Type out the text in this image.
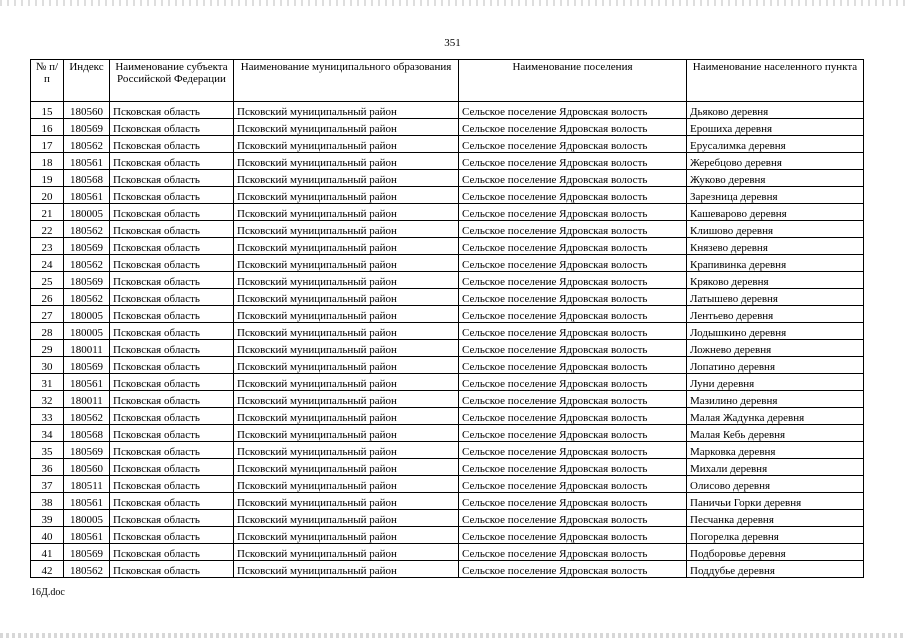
351
№ п/п	Индекс	Наименование субъекта Российской Федерации	Наименование муниципального образования	Наименование поселения	Наименование населенного пункта
15	180560	Псковская область	Псковский муниципальный район	Сельское поселение Ядровская волость	Дьяково деревня
16	180569	Псковская область	Псковский муниципальный район	Сельское поселение Ядровская волость	Ерошиха деревня
17	180562	Псковская область	Псковский муниципальный район	Сельское поселение Ядровская волость	Ерусалимка деревня
18	180561	Псковская область	Псковский муниципальный район	Сельское поселение Ядровская волость	Жеребцово деревня
19	180568	Псковская область	Псковский муниципальный район	Сельское поселение Ядровская волость	Жуково деревня
20	180561	Псковская область	Псковский муниципальный район	Сельское поселение Ядровская волость	Зарезница деревня
21	180005	Псковская область	Псковский муниципальный район	Сельское поселение Ядровская волость	Кашеварово деревня
22	180562	Псковская область	Псковский муниципальный район	Сельское поселение Ядровская волость	Клишово деревня
23	180569	Псковская область	Псковский муниципальный район	Сельское поселение Ядровская волость	Князево деревня
24	180562	Псковская область	Псковский муниципальный район	Сельское поселение Ядровская волость	Крапивинка деревня
25	180569	Псковская область	Псковский муниципальный район	Сельское поселение Ядровская волость	Кряково деревня
26	180562	Псковская область	Псковский муниципальный район	Сельское поселение Ядровская волость	Латышево деревня
27	180005	Псковская область	Псковский муниципальный район	Сельское поселение Ядровская волость	Лентьево деревня
28	180005	Псковская область	Псковский муниципальный район	Сельское поселение Ядровская волость	Лодышкино деревня
29	180011	Псковская область	Псковский муниципальный район	Сельское поселение Ядровская волость	Ложнево деревня
30	180569	Псковская область	Псковский муниципальный район	Сельское поселение Ядровская волость	Лопатино деревня
31	180561	Псковская область	Псковский муниципальный район	Сельское поселение Ядровская волость	Луни деревня
32	180011	Псковская область	Псковский муниципальный район	Сельское поселение Ядровская волость	Мазилино деревня
33	180562	Псковская область	Псковский муниципальный район	Сельское поселение Ядровская волость	Малая Жадунка деревня
34	180568	Псковская область	Псковский муниципальный район	Сельское поселение Ядровская волость	Малая Кебь деревня
35	180569	Псковская область	Псковский муниципальный район	Сельское поселение Ядровская волость	Марковка деревня
36	180560	Псковская область	Псковский муниципальный район	Сельское поселение Ядровская волость	Михали деревня
37	180511	Псковская область	Псковский муниципальный район	Сельское поселение Ядровская волость	Олисово деревня
38	180561	Псковская область	Псковский муниципальный район	Сельское поселение Ядровская волость	Паничьи Горки деревня
39	180005	Псковская область	Псковский муниципальный район	Сельское поселение Ядровская волость	Песчанка деревня
40	180561	Псковская область	Псковский муниципальный район	Сельское поселение Ядровская волость	Погорелка деревня
41	180569	Псковская область	Псковский муниципальный район	Сельское поселение Ядровская волость	Подборовье деревня
42	180562	Псковская область	Псковский муниципальный район	Сельское поселение Ядровская волость	Поддубье деревня
16Д.doc
